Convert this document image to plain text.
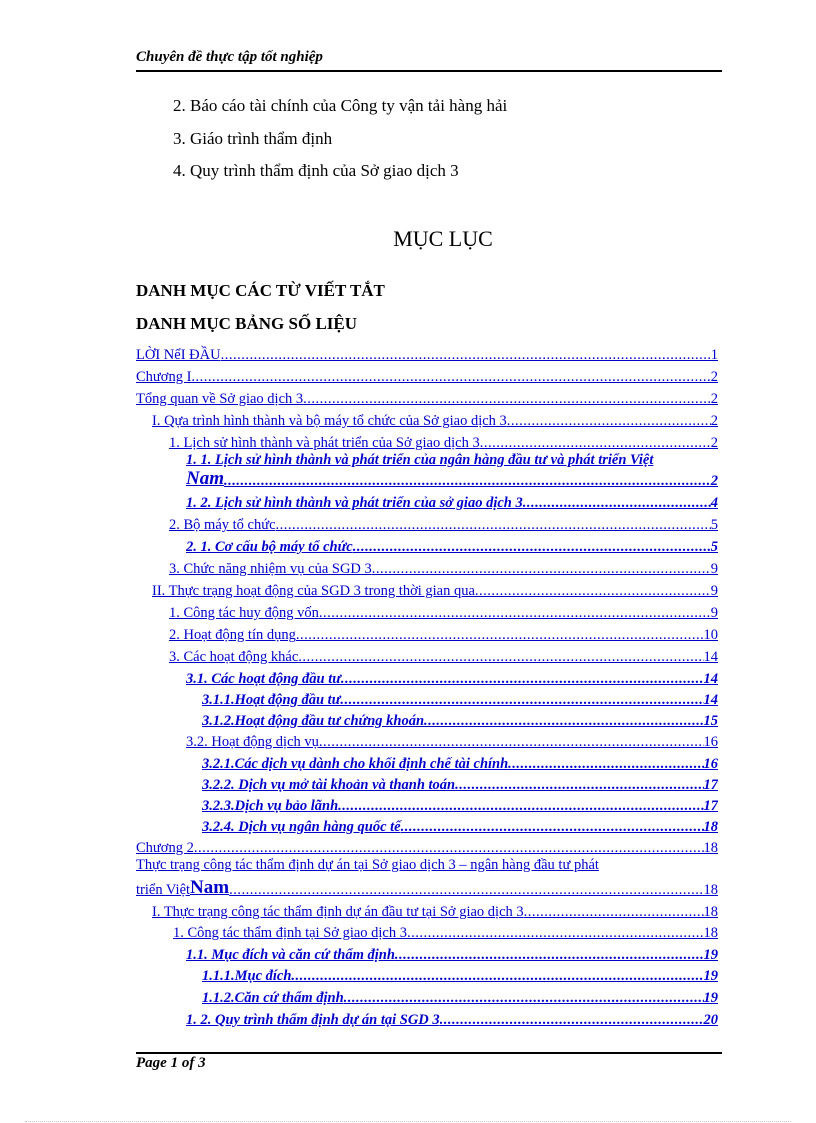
Chuyên đề thực tập tốt nghiệp
2. Báo cáo tài chính của Công ty vận tải hàng hải
3. Giáo trình thẩm định
4. Quy trình thẩm định của Sở giao dịch 3
MỤC LỤC
DANH MỤC CÁC TỪ VIẾT TẮT
DANH MỤC BẢNG SỐ LIỆU
LỜI NểI ĐẦU .....	1
Chương I .....	2
Tổng quan về Sở giao dịch 3 .....	2
I. Qựa trình hình thành và bộ máy tổ chức của Sở giao dịch 3 .....	2
1. Lịch sử hình thành và phát triển của Sở giao dịch 3 .....	2
1. 1. Lịch sử hình thành và phát triển của ngân hàng đầu tư và phát triển Việt
Nam .....	2
1. 2. Lịch sử hình thành và phát triển của sở giao dịch 3 .....	4
2. Bộ máy tổ chức .....	5
2. 1. Cơ cấu bộ máy tổ chức .....	5
3. Chức năng nhiệm vụ của SGD 3 .....	9
II. Thực trạng hoạt động của SGD 3 trong thời gian qua .....	9
1. Công tác huy động vốn .....	9
2. Hoạt động tín dụng .....	10
3. Các hoạt động khác .....	14
3.1. Các hoạt động đầu tư .....	14
3.1.1.Hoạt động đầu tư .....	14
3.1.2.Hoạt động đầu tư chứng khoán .....	15
3.2. Hoạt động dịch vụ .....	16
3.2.1.Các dịch vụ dành cho khối định chế tài chính .....	16
3.2.2. Dịch vụ mở tài khoản và thanh toán .....	17
3.2.3.Dịch vụ bảo lãnh .....	17
3.2.4. Dịch vụ ngân hàng quốc tế .....	18
Chương 2 .....	18
Thực trạng công tác thẩm định dự án tại Sở giao dịch 3 – ngân hàng đầu tư phát
triển Việt Nam .....	18
I. Thực trạng công tác thẩm định dự án đầu tư tại Sở giao dịch 3 .....	18
1. Công tác thẩm định tại Sở giao dịch 3 .....	18
1.1. Mục đích và căn cứ thẩm định .....	19
1.1.1.Mục đích .....	19
1.1.2.Căn cứ thẩm định .....	19
1. 2. Quy trình thẩm định dự án tại SGD 3 .....	20
Page 1 of 3
